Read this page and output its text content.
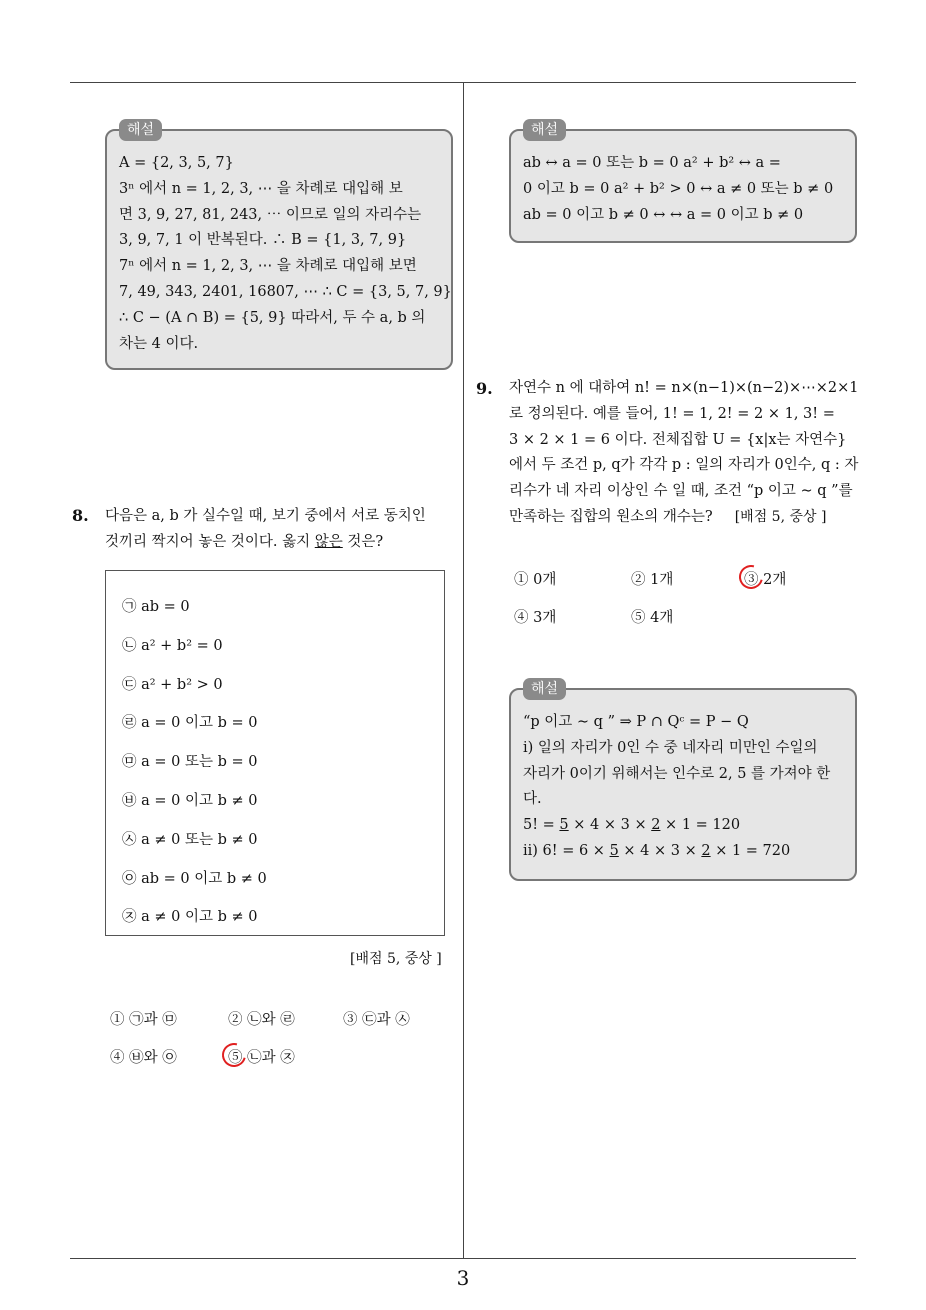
해설
A = {2, 3, 5, 7}
3ⁿ 에서 n = 1, 2, 3, ⋯ 을 차례로 대입해 보
면 3, 9, 27, 81, 243, ⋯ 이므로 일의 자리수는
3, 9, 7, 1 이 반복된다. ∴ B = {1, 3, 7, 9}
7ⁿ 에서 n = 1, 2, 3, ⋯ 을 차례로 대입해 보면
7, 49, 343, 2401, 16807, ⋯ ∴ C = {3, 5, 7, 9}
∴ C − (A ∩ B) = {5, 9} 따라서, 두 수 a, b 의
차는 4 이다.
8. 다음은 a, b 가 실수일 때, 보기 중에서 서로 동치인
것끼리 짝지어 놓은 것이다. 옳지 않은 것은?
㉠ ab = 0
㉡ a² + b² = 0
㉢ a² + b² > 0
㉣ a = 0 이고 b = 0
㉤ a = 0 또는 b = 0
㉥ a = 0 이고 b ≠ 0
㉦ a ≠ 0 또는 b ≠ 0
㉧ ab = 0 이고 b ≠ 0
㉨ a ≠ 0 이고 b ≠ 0
[배점 5, 중상 ]
① ㉠과 ㉤	② ㉡와 ㉣	③ ㉢과 ㉦
④ ㉥와 ㉧	⑤ ㉡과 ㉨
해설
ab ↔ a = 0 또는 b = 0 a² + b² ↔ a =
0 이고 b = 0 a² + b² > 0 ↔ a ≠ 0 또는 b ≠ 0
ab = 0 이고 b ≠ 0 ↔ ↔ a = 0 이고 b ≠ 0
9. 자연수 n 에 대하여 n! = n×(n−1)×(n−2)×⋯×2×1
로 정의된다. 예를 들어, 1! = 1, 2! = 2 × 1, 3! =
3 × 2 × 1 = 6 이다. 전체집합 U = {x|x는 자연수}
에서 두 조건 p, q가 각각 p : 일의 자리가 0인수, q : 자
리수가 네 자리 이상인 수 일 때, 조건 “p 이고 ∼ q ”를
만족하는 집합의 원소의 개수는? [배점 5, 중상 ]
① 0개	② 1개	③ 2개
④ 3개	⑤ 4개
해설
“p 이고 ∼ q ” ⇒ P ∩ Qᶜ = P − Q
i) 일의 자리가 0인 수 중 네자리 미만인 수일의
자리가 0이기 위해서는 인수로 2, 5 를 가져야 한
다.
5! = 5 × 4 × 3 × 2 × 1 = 120
ii) 6! = 6 × 5 × 4 × 3 × 2 × 1 = 720
3
